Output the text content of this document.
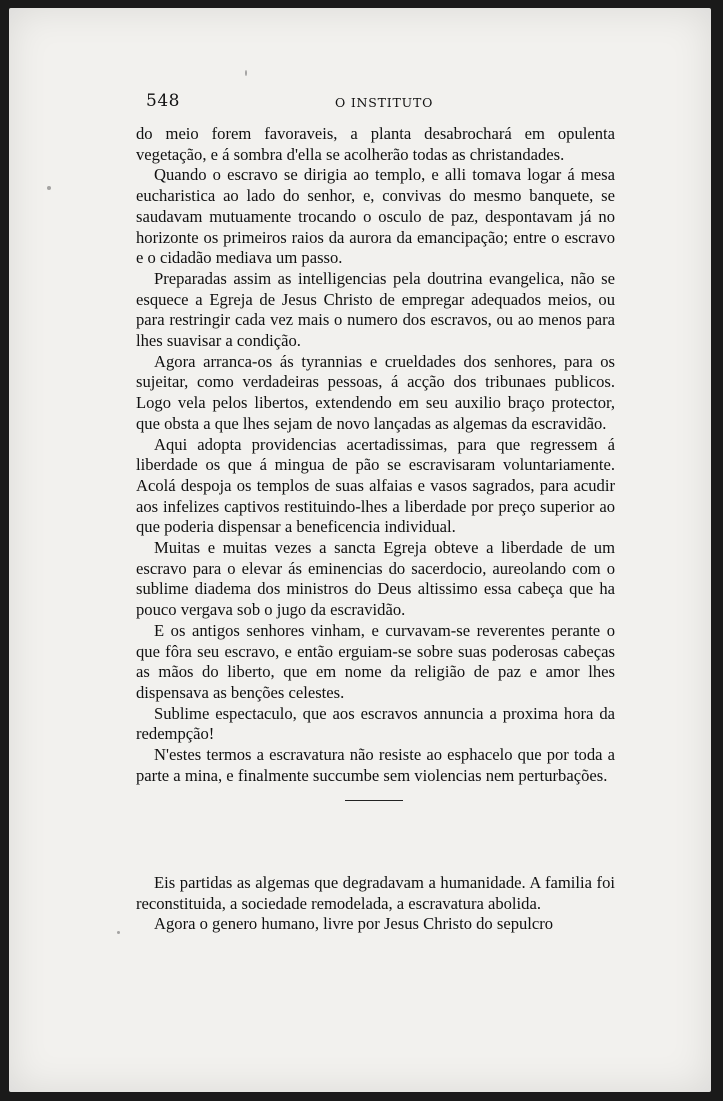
548	O INSTITUTO

do meio forem favoraveis, a planta desabrochará em opulenta vegetação, e á sombra d'ella se acolherão todas as christandades.

Quando o escravo se dirigia ao templo, e alli tomava logar á mesa eucharistica ao lado do senhor, e, convivas do mesmo banquete, se saudavam mutuamente trocando o osculo de paz, despontavam já no horizonte os primeiros raios da aurora da emancipação; entre o escravo e o cidadão mediava um passo.

Preparadas assim as intelligencias pela doutrina evangelica, não se esquece a Egreja de Jesus Christo de empregar adequados meios, ou para restringir cada vez mais o numero dos escravos, ou ao menos para lhes suavisar a condição.

Agora arranca-os ás tyrannias e crueldades dos senhores, para os sujeitar, como verdadeiras pessoas, á acção dos tribunaes publicos. Logo vela pelos libertos, extendendo em seu auxilio braço protector, que obsta a que lhes sejam de novo lançadas as algemas da escravidão.

Aqui adopta providencias acertadissimas, para que regressem á liberdade os que á mingua de pão se escravisaram voluntariamente. Acolá despoja os templos de suas alfaias e vasos sagrados, para acudir aos infelizes captivos restituindo-lhes a liberdade por preço superior ao que poderia dispensar a beneficencia individual.

Muitas e muitas vezes a sancta Egreja obteve a liberdade de um escravo para o elevar ás eminencias do sacerdocio, aureolando com o sublime diadema dos ministros do Deus altissimo essa cabeça que ha pouco vergava sob o jugo da escravidão.

E os antigos senhores vinham, e curvavam-se reverentes perante o que fôra seu escravo, e então erguiam-se sobre suas poderosas cabeças as mãos do liberto, que em nome da religião de paz e amor lhes dispensava as benções celestes.

Sublime espectaculo, que aos escravos annuncia a proxima hora da redempção!

N'estes termos a escravatura não resiste ao esphacelo que por toda a parte a mina, e finalmente succumbe sem violencias nem perturbações.

Eis partidas as algemas que degradavam a humanidade. A familia foi reconstituida, a sociedade remodelada, a escravatura abolida.

Agora o genero humano, livre por Jesus Christo do sepulcro
